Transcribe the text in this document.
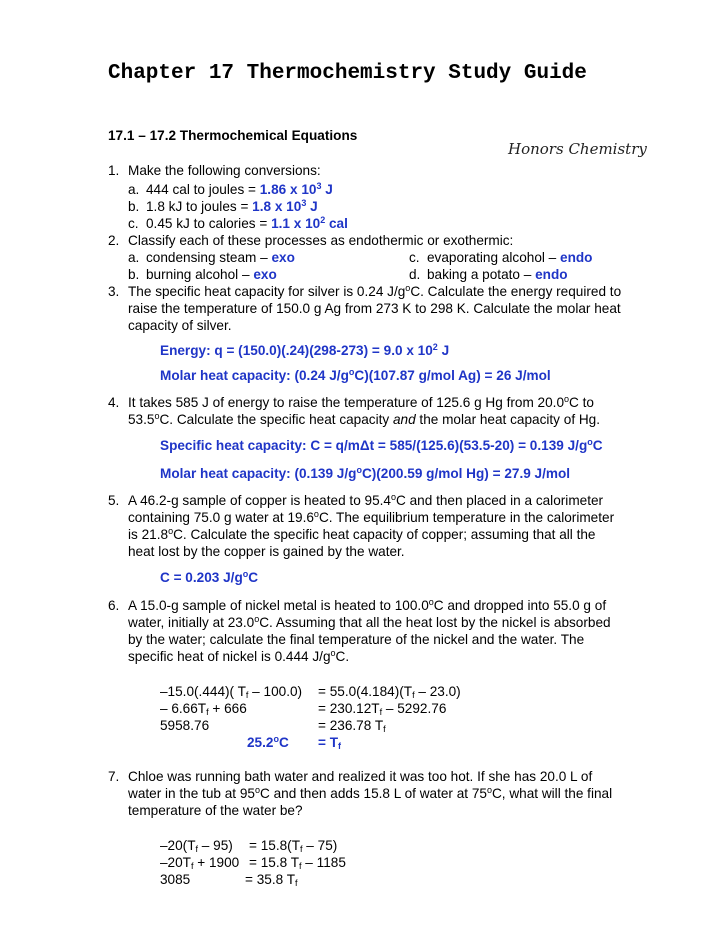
Chapter 17 Thermochemistry Study Guide
17.1 – 17.2 Thermochemical Equations
Honors Chemistry
1. Make the following conversions:
a. 444 cal to joules = 1.86 x $10^3$ J
b. 1.8 kJ to joules = 1.8 x $10^3$ J
c. 0.45 kJ to calories = 1.1 x $10^2$ cal
2. Classify each of these processes as endothermic or exothermic:
a. condensing steam – exo	c. evaporating alcohol – endo
b. burning alcohol – exo	d. baking a potato – endo
3. The specific heat capacity for silver is 0.24 $J/g^oC$. Calculate the energy required to
raise the temperature of 150.0 g Ag from 273 K to 298 K. Calculate the molar heat
capacity of silver.
Energy: q = (150.0)(.24)(298-273) = 9.0 x $10^2$ J
Molar heat capacity: (0.24 $J/g^oC)(107.87$ g/mol Ag) = 26 J/mol
4. It takes 585 J of energy to raise the temperature of 125.6 g Hg from 20.0$^o$C to
53.5$^o$C. Calculate the specific heat capacity and the molar heat capacity of Hg.
Specific heat capacity: C = q/mΔt = 585/(125.6)(53.5-20) = 0.139 $J/g^oC$
Molar heat capacity: (0.139 $J/g^oC)(200.59$ g/mol Hg) = 27.9 J/mol
5. A 46.2-g sample of copper is heated to 95.4$^o$C and then placed in a calorimeter
containing 75.0 g water at 19.6$^o$C. The equilibrium temperature in the calorimeter
is 21.8$^o$C. Calculate the specific heat capacity of copper; assuming that all the
heat lost by the copper is gained by the water.
C = 0.203 $J/g^oC$
6. A 15.0-g sample of nickel metal is heated to 100.0$^o$C and dropped into 55.0 g of
water, initially at 23.0$^o$C. Assuming that all the heat lost by the nickel is absorbed
by the water; calculate the final temperature of the nickel and the water. The
specific heat of nickel is 0.444 $J/g^oC$.
–15.0(.444)( $T_f - 100.0) = 55.0(4.184)(T_f - 23.0)$
– $6.66T_f + 666$	= $230.12T_f - 5292.76$
5958.76	= 236.78 $T_f$
$25.2^oC = T_f$
7. Chloe was running bath water and realized it was too hot. If she has 20.0 L of
water in the tub at 95$^o$C and then adds 15.8 L of water at 75$^o$C, what will the final
temperature of the water be?
$-20(T_f - 95) = 15.8(T_f - 75)$
$-20T_f + 1900 = 15.8$ $T_f - 1185$
3085	= 35.8 $T_f$
